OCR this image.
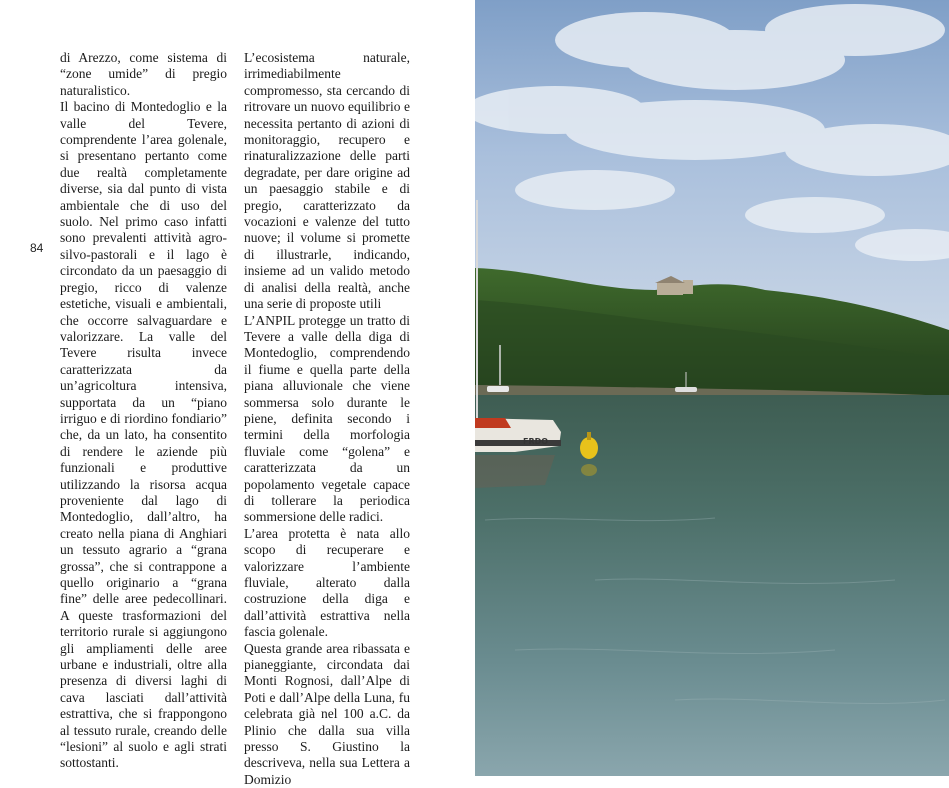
84

di Arezzo, come sistema di “zone umide” di pregio naturalistico.

Il bacino di Montedoglio e la valle del Tevere, comprendente l’area golenale, si presentano pertanto come due realtà completamente diverse, sia dal punto di vista ambientale che di uso del suolo. Nel primo caso infatti sono prevalenti attività agro-silvo-pastorali e il lago è circondato da un paesaggio di pregio, ricco di valenze estetiche, visuali e ambientali, che occorre salvaguardare e valorizzare. La valle del Tevere risulta invece caratterizzata da un’agricoltura intensiva, supportata da un “piano irriguo e di riordino fondiario” che, da un lato, ha consentito di rendere le aziende più funzionali e produttive utilizzando la risorsa acqua proveniente dal lago di Montedoglio, dall’altro, ha creato nella piana di Anghiari un tessuto agrario a “grana grossa”, che si contrappone a quello originario a “grana fine” delle aree pedecollinari. A queste trasformazioni del territorio rurale si aggiungono gli ampliamenti delle aree urbane e industriali, oltre alla presenza di diversi laghi di cava lasciati dall’attività estrattiva, che si frappongono al tessuto rurale, creando delle “lesioni” al suolo e agli strati sottostanti.

L’ecosistema naturale, irrimediabilmente compromesso, sta cercando di ritrovare un nuovo equilibrio e necessita pertanto di azioni di monitoraggio, recupero e rinaturalizzazione delle parti degradate, per dare origine ad un paesaggio stabile e di pregio, caratterizzato da vocazioni e valenze del tutto nuove; il volume si promette di illustrarle, indicando, insieme ad un valido metodo di analisi della realtà, anche una serie di proposte utili

L’ANPIL protegge un tratto di Tevere a valle della diga di Montedoglio, comprendendo il fiume e quella parte della piana alluvionale che viene sommersa solo durante le piene, definita secondo i termini della morfologia fluviale come “golena” e caratterizzata da un popolamento vegetale capace di tollerare la periodica sommersione delle radici.

L’area protetta è nata allo scopo di recuperare e valorizzare l’ambiente fluviale, alterato dalla costruzione della diga e dall’attività estrattiva nella fascia golenale.

Questa grande area ribassata e pianeggiante, circondata dai Monti Rognosi, dall’Alpe di Poti e dall’Alpe della Luna, fu celebrata già nel 100 a.C. da Plinio che dalla sua villa presso S. Giustino la descriveva, nella sua Lettera a Domizio

FRDO
